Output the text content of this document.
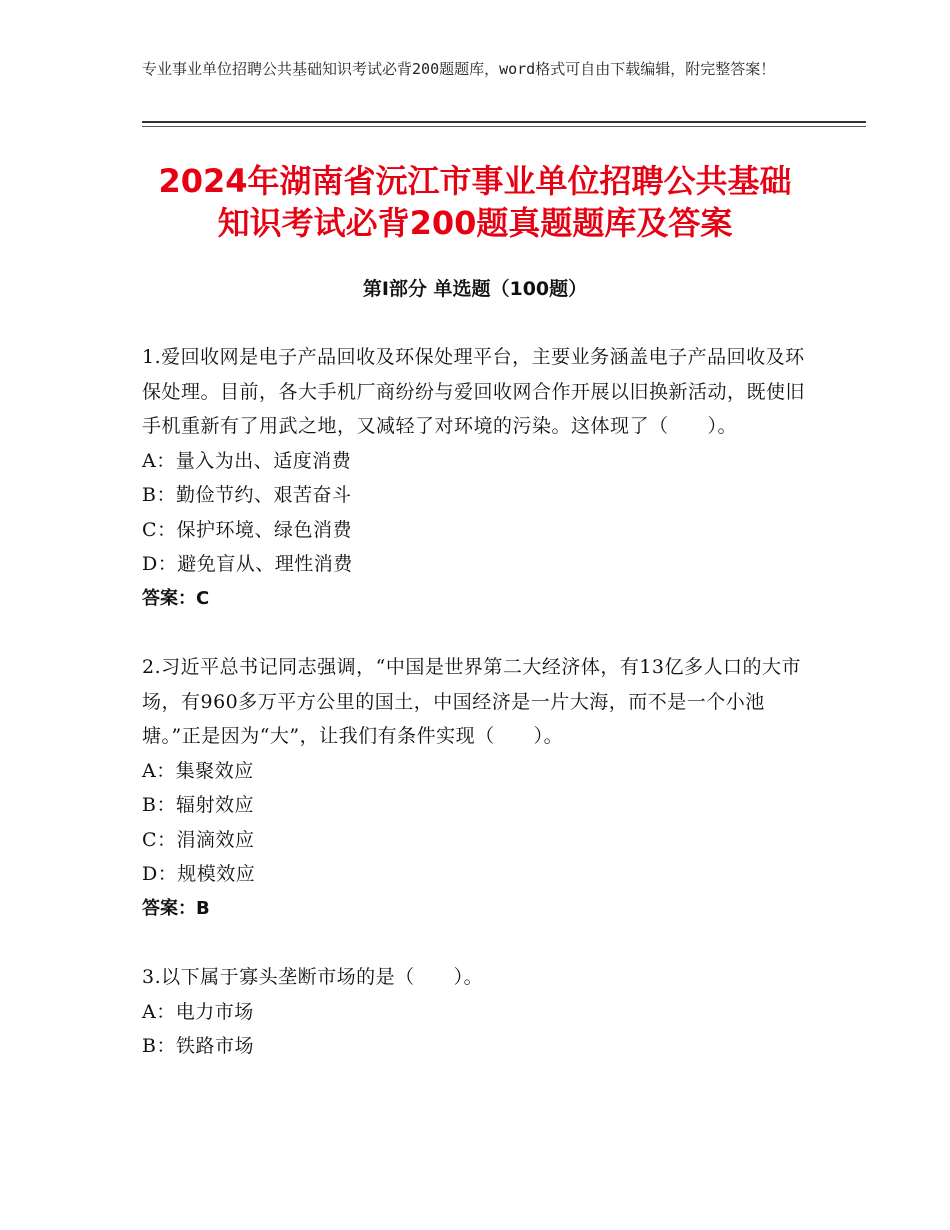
专业事业单位招聘公共基础知识考试必背200题题库，word格式可自由下载编辑，附完整答案！
2024年湖南省沅江市事业单位招聘公共基础
知识考试必背200题真题题库及答案
第Ⅰ部分 单选题（100题）

1.爱回收网是电子产品回收及环保处理平台，主要业务涵盖电子产品回收及环保处理。目前，各大手机厂商纷纷与爱回收网合作开展以旧换新活动，既使旧手机重新有了用武之地，又减轻了对环境的污染。这体现了（　　）。

A：量入为出、适度消费

B：勤俭节约、艰苦奋斗

C：保护环境、绿色消费

D：避免盲从、理性消费

答案：C

2.习近平总书记同志强调，“中国是世界第二大经济体，有13亿多人口的大市场，有960多万平方公里的国土，中国经济是一片大海，而不是一个小池塘。”正是因为“大”，让我们有条件实现（　　）。

A：集聚效应

B：辐射效应

C：涓滴效应

D：规模效应

答案：B

3.以下属于寡头垄断市场的是（　　）。

A：电力市场

B：铁路市场
